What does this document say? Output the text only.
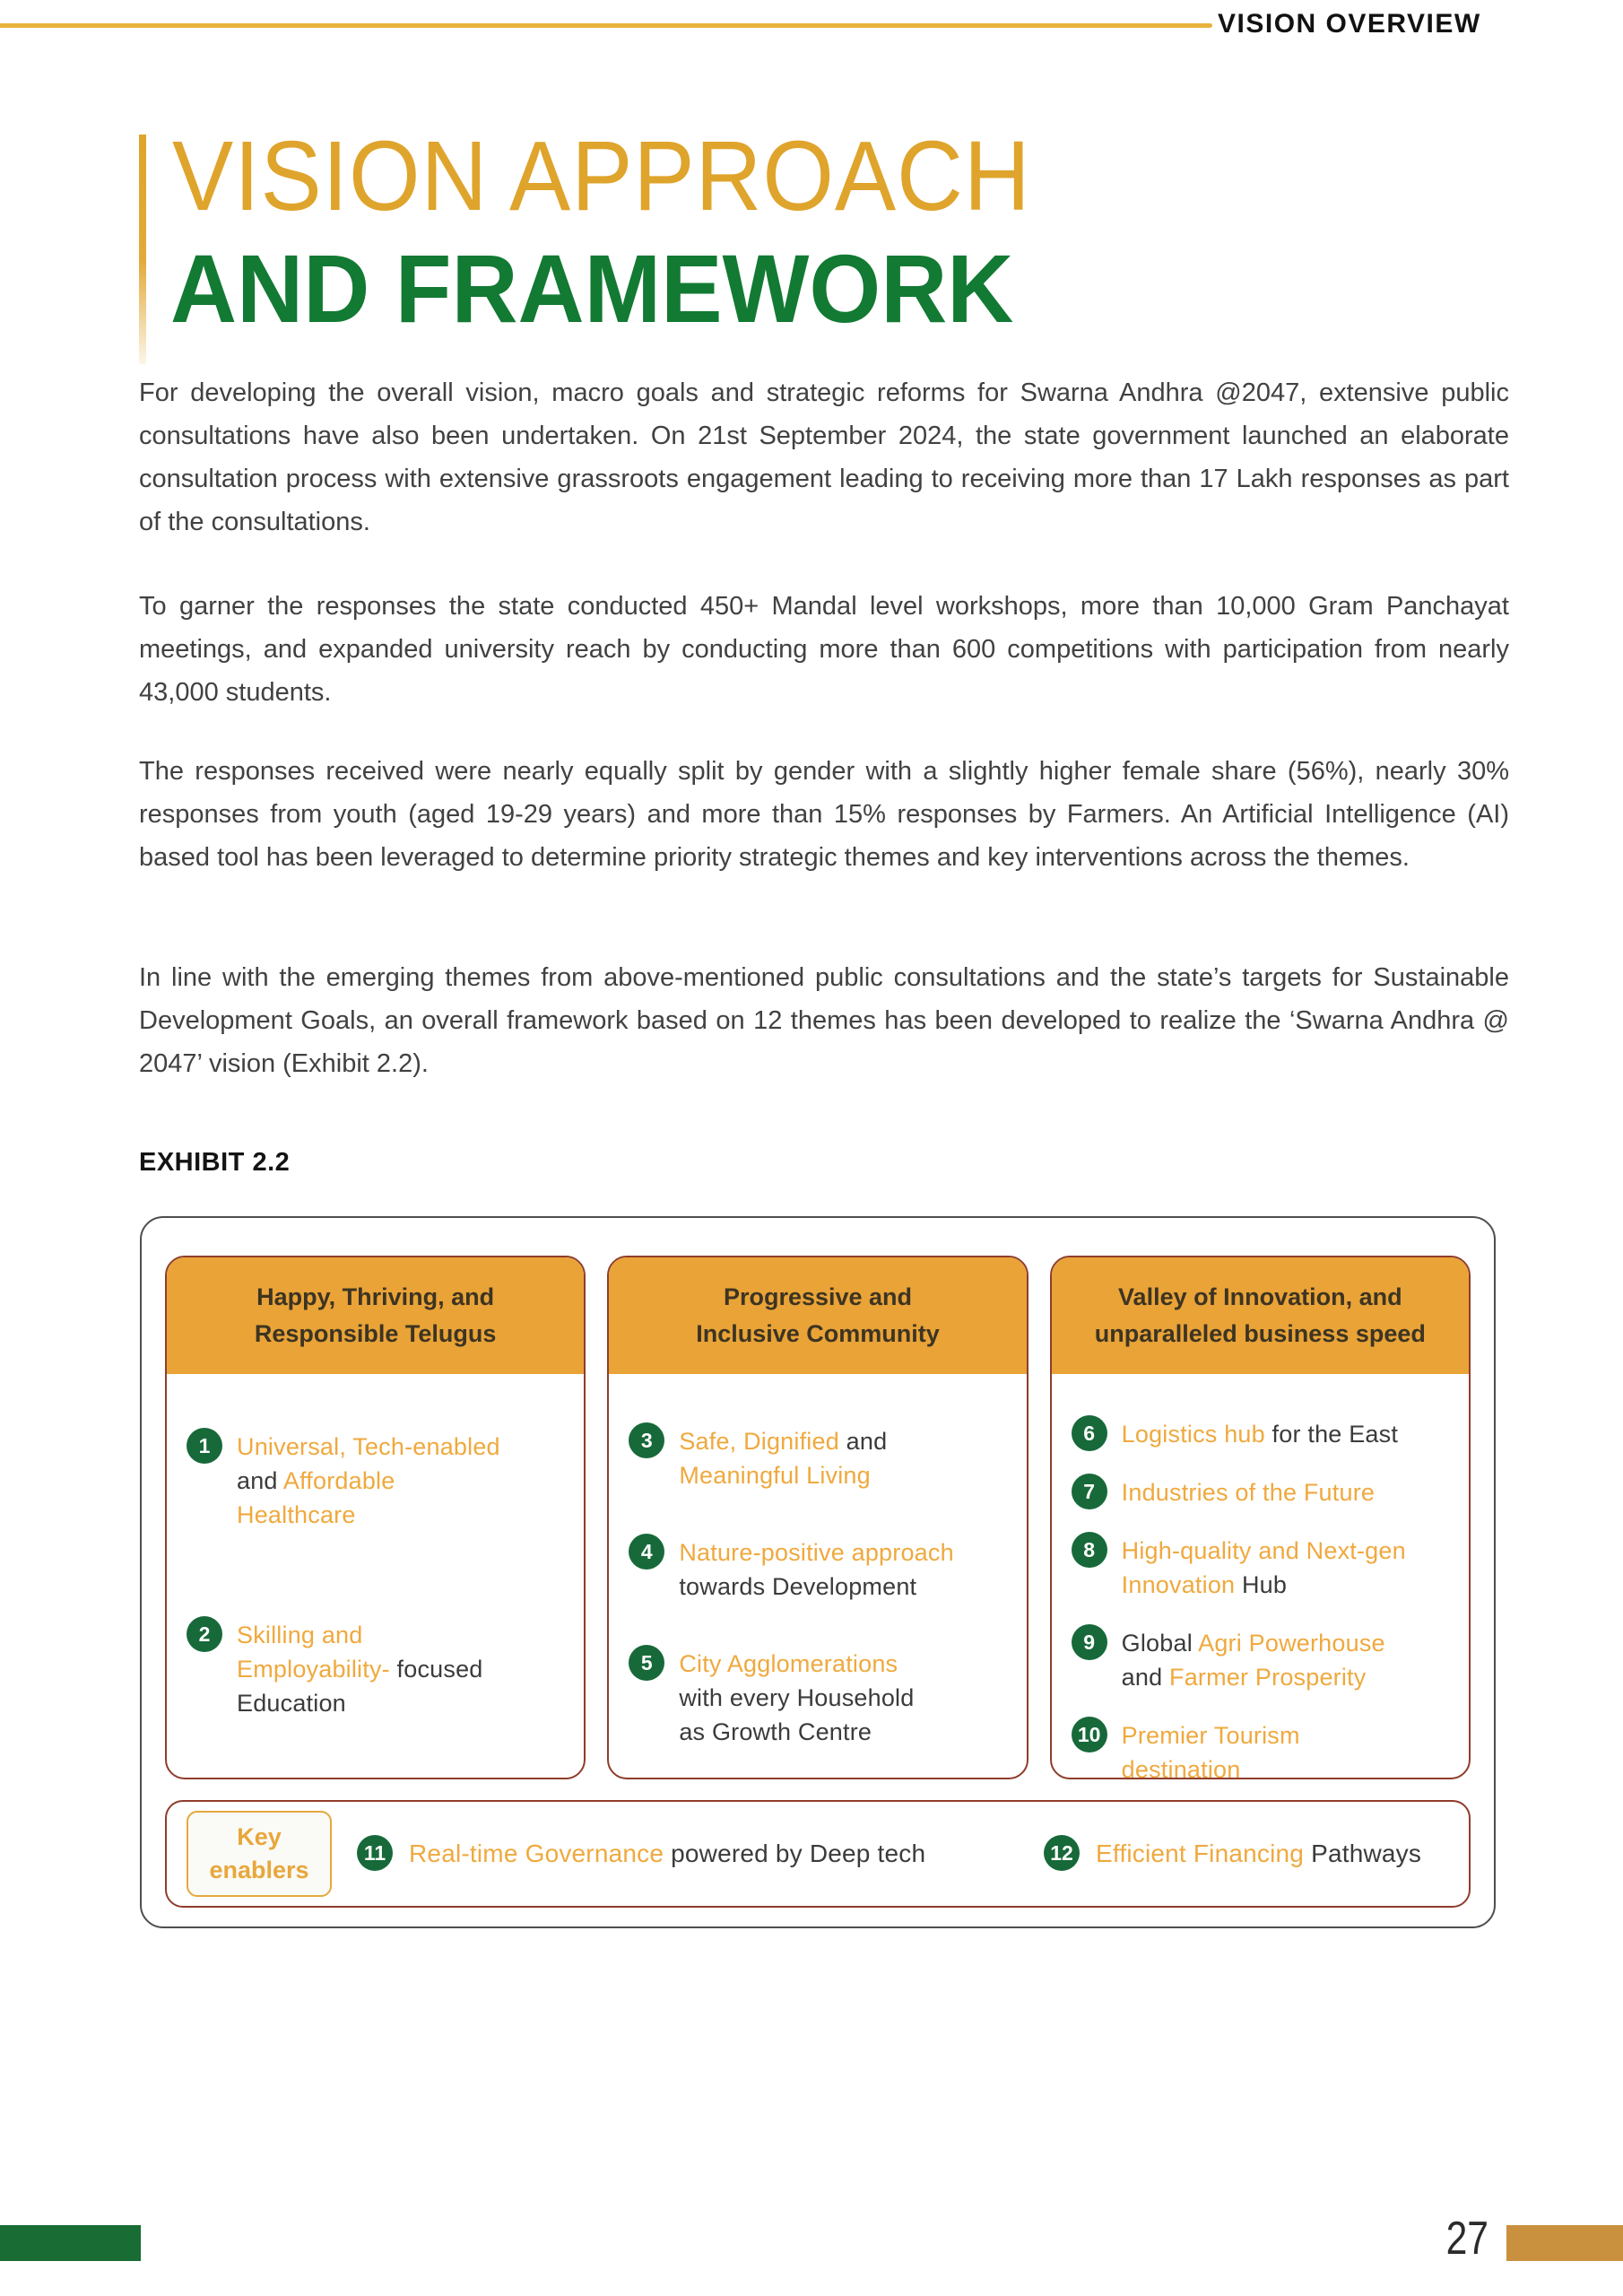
VISION OVERVIEW
VISION APPROACH
AND FRAMEWORK

For developing the overall vision, macro goals and strategic reforms for Swarna Andhra @2047, extensive public consultations have also been undertaken. On 21st September 2024, the state government launched an elaborate consultation process with extensive grassroots engagement leading to receiving more than 17 Lakh responses as part of the consultations.

To garner the responses the state conducted 450+ Mandal level workshops, more than 10,000 Gram Panchayat meetings, and expanded university reach by conducting more than 600 competitions with participation from nearly 43,000 students.

The responses received were nearly equally split by gender with a slightly higher female share (56%), nearly 30% responses from youth (aged 19-29 years) and more than 15% responses by Farmers. An Artificial Intelligence (AI) based tool has been leveraged to determine priority strategic themes and key interventions across the themes.

In line with the emerging themes from above-mentioned public consultations and the state’s targets for Sustainable Development Goals, an overall framework based on 12 themes has been developed to realize the ‘Swarna Andhra @ 2047’ vision (Exhibit 2.2).

EXHIBIT 2.2
Happy, Thriving, and
Responsible Telugus
1	Universal, Tech-enabled
and Affordable
Healthcare
2	Skilling and
Employability- focused
Education
Progressive and
Inclusive Community
3	Safe, Dignified and
Meaningful Living
4	Nature-positive approach
towards Development
5	City Agglomerations
with every Household
as Growth Centre
Valley of Innovation, and
unparalleled business speed
6	Logistics hub for the East
7	Industries of the Future
8	High-quality and Next-gen
Innovation Hub
9	Global Agri Powerhouse
and Farmer Prosperity
10 Premier Tourism
destination
Key
enablers
11 Real-time Governance powered by Deep tech	12 Efficient Financing Pathways
27
